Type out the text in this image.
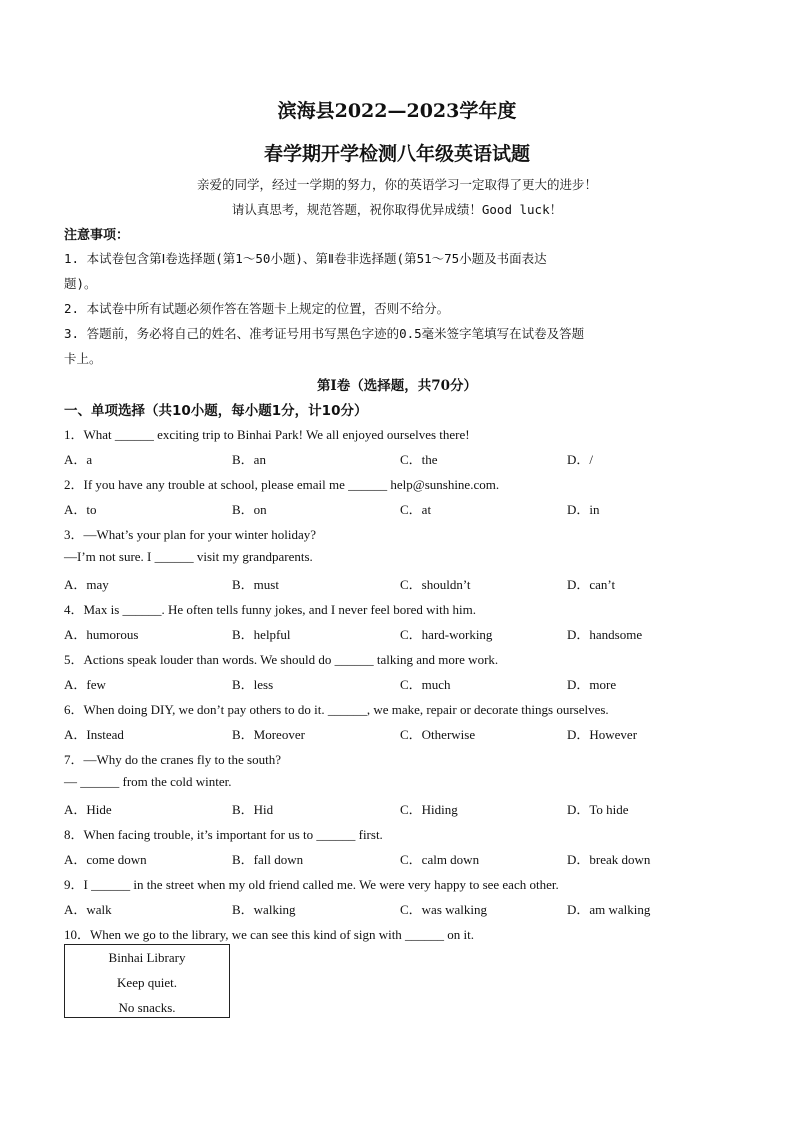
滨海县2022—2023学年度
春学期开学检测八年级英语试题
亲爱的同学，经过一学期的努力，你的英语学习一定取得了更大的进步！
请认真思考，规范答题，祝你取得优异成绩！Good luck！
注意事项：
1. 本试卷包含第Ⅰ卷选择题(第1～50小题)、第Ⅱ卷非选择题(第51～75小题及书面表达
题)。
2. 本试卷中所有试题必须作答在答题卡上规定的位置，否则不给分。
3. 答题前，务必将自己的姓名、准考证号用书写黑色字迹的0.5毫米签字笔填写在试卷及答题
卡上。
第Ⅰ卷（选择题，共70分）
一、单项选择（共10小题，每小题1分，计10分）
1．What ______ exciting trip to Binhai Park! We all enjoyed ourselves there!
A．a	B．an	C．the	D．/
2．If you have any trouble at school, please email me ______ help@sunshine.com.
A．to	B．on	C．at	D．in
3．—What’s your plan for your winter holiday?
—I’m not sure. I ______ visit my grandparents.
A．may	B．must	C．shouldn’t	D．can’t
4．Max is ______. He often tells funny jokes, and I never feel bored with him.
A．humorous	B．helpful	C．hard-working	D．handsome
5．Actions speak louder than words. We should do ______ talking and more work.
A．few	B．less	C．much	D．more
6．When doing DIY, we don’t pay others to do it. ______, we make, repair or decorate things ourselves.
A．Instead	B．Moreover	C．Otherwise	D．However
7．—Why do the cranes fly to the south?
— ______ from the cold winter.
A．Hide	B．Hid	C．Hiding	D．To hide
8．When facing trouble, it’s important for us to ______ first.
A．come down	B．fall down	C．calm down	D．break down
9．I ______ in the street when my old friend called me. We were very happy to see each other.
A．walk	B．walking	C．was walking	D．am walking
10．When we go to the library, we can see this kind of sign with ______ on it.
Binhai Library
Keep quiet.
No snacks.
